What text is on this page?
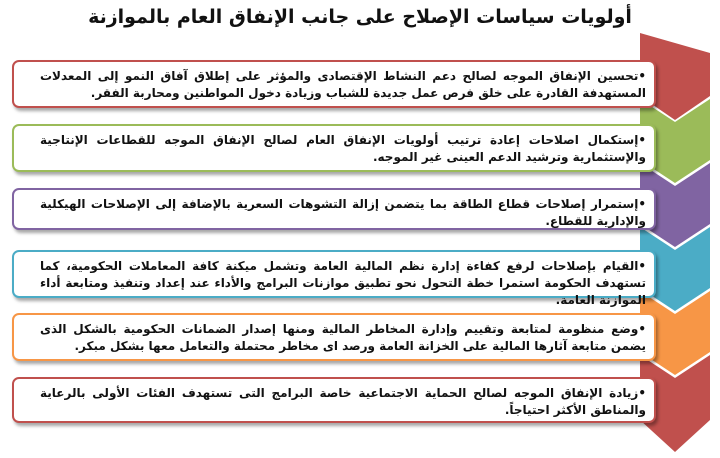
أولويات سياسات الإصلاح على جانب الإنفاق العام بالموازنة
•تحسين الإنفاق الموجه لصالح دعم النشاط الإقتصادى والمؤثر على إطلاق آفاق النمو إلى المعدلات المستهدفة القادرة على خلق فرص عمل جديدة للشباب وزيادة دخول المواطنين ومحاربة الفقر.
•إستكمال اصلاحات إعادة ترتيب أولويات الإنفاق العام لصالح الإنفاق الموجه للقطاعات الإنتاجية والإستثمارية وترشيد الدعم العينى غير الموجه.
•إستمرار إصلاحات قطاع الطاقة بما يتضمن إزالة التشوهات السعرية بالإضافة إلى الإصلاحات الهيكلية والإدارية للقطاع.
•القيام بإصلاحات لرفع كفاءة إدارة نظم المالية العامة وتشمل ميكنة كافة المعاملات الحكومية، كما تستهدف الحكومة استمرا خطة التحول نحو تطبيق موازنات البرامج والأداء عند إعداد وتنفيذ ومتابعة أداء الموازنة العامة.
•وضع منظومة لمتابعة وتقييم وإدارة المخاطر المالية ومنها إصدار الضمانات الحكومية بالشكل الذى يضمن متابعة آثارها المالية على الخزانة العامة ورصد اى مخاطر محتملة والتعامل معها بشكل مبكر.
•زيادة الإنفاق الموجه لصالح الحماية الاجتماعية خاصة البرامج التى تستهدف الفئات الأولى بالرعاية والمناطق الأكثر احتياجاً.
